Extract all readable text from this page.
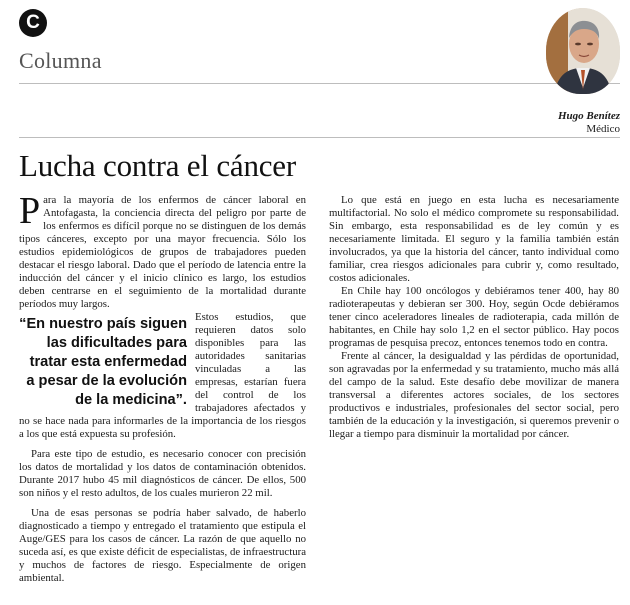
C
Columna
Hugo Benítez
Médico
Lucha contra el cáncer

Para la mayoría de los enfermos de cáncer laboral en Antofagasta, la conciencia directa del peligro por parte de los enfermos es difícil porque no se distinguen de los demás tipos cánceres, excepto por una mayor frecuencia. Sólo los estudios epidemiológicos de grupos de trabajadores pueden destacar el riesgo laboral. Dado que el período de latencia entre la inducción del cáncer y el inicio clínico es largo, los estudios deben centrarse en el seguimiento de la mortalidad durante períodos muy largos.

“En nuestro país siguen las dificultades para tratar esta enfermedad a pesar de la evolución de la medicina”.
Estos estudios, que requieren datos solo disponibles para las autoridades sanitarias vinculadas a las empresas, estarían fuera del control de los trabajadores afectados y no se hace nada para informarles de la importancia de los riesgos a los que está expuesta su profesión.

Para este tipo de estudio, es necesario conocer con precisión los datos de mortalidad y los datos de contaminación obtenidos. Durante 2017 hubo 45 mil diagnósticos de cáncer. De ellos, 500 son niños y el resto adultos, de los cuales murieron 22 mil.

Una de esas personas se podría haber salvado, de haberlo diagnosticado a tiempo y entregado el tratamiento que estipula el Auge/GES para los casos de cáncer. La razón de que aquello no suceda así, es que existe déficit de especialistas, de infraestructura y muchos de factores de riesgo. Especialmente de origen ambiental.

Lo que está en juego en esta lucha es necesariamente multifactorial. No solo el médico compromete su responsabilidad. Sin embargo, esta responsabilidad es de ley común y es necesariamente limitada. El seguro y la familia también están involucrados, ya que la historia del cáncer, tanto individual como familiar, crea riesgos adicionales para cubrir y, como resultado, costos adicionales.

En Chile hay 100 oncólogos y debiéramos tener 400, hay 80 radioterapeutas y debieran ser 300. Hoy, según Ocde debiéramos tener cinco aceleradores lineales de radioterapia, cada millón de habitantes, en Chile hay solo 1,2 en el sector público. Hay pocos programas de pesquisa precoz, entonces tenemos todo en contra.

Frente al cáncer, la desigualdad y las pérdidas de oportunidad, son agravadas por la enfermedad y su tratamiento, mucho más allá del campo de la salud. Este desafío debe movilizar de manera transversal a diferentes actores sociales, de los sectores productivos e industriales, profesionales del sector social, pero también de la educación y la investigación, si queremos prevenir o llegar a tiempo para disminuir la mortalidad por cáncer.
